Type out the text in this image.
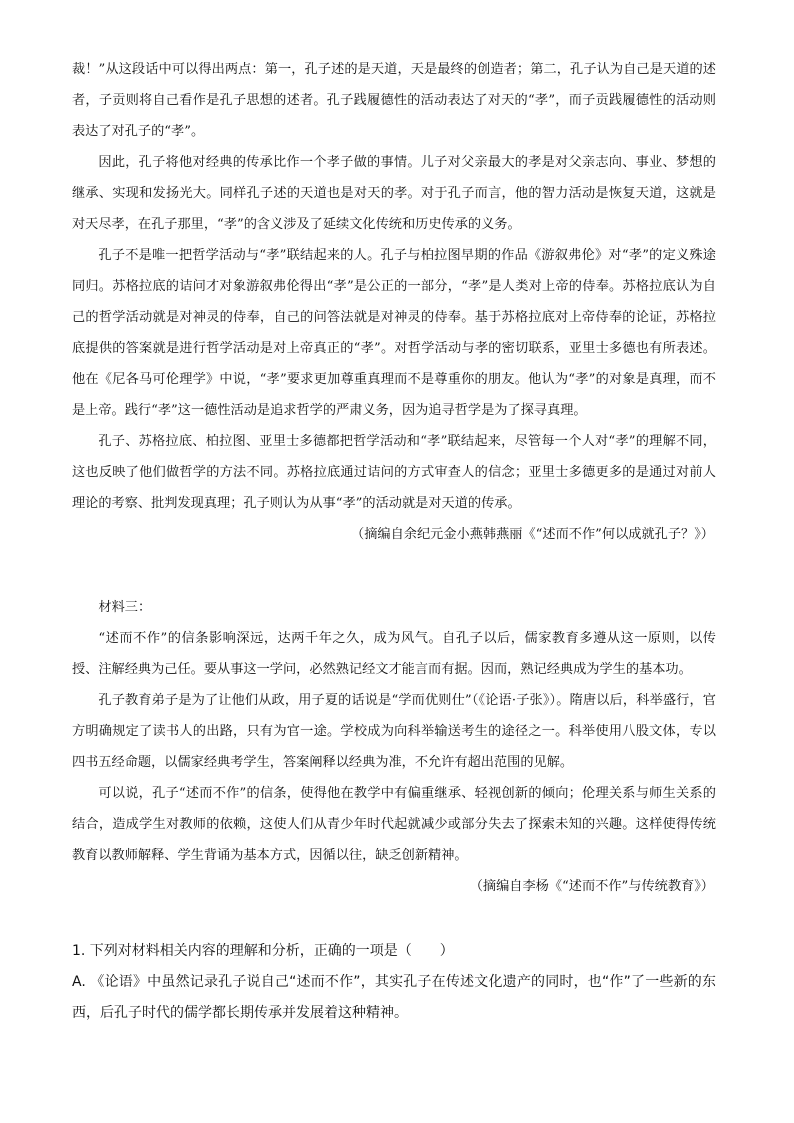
裁！”从这段话中可以得出两点：第一，孔子述的是天道，天是最终的创造者；第二，孔子认为自己是天道的述者，子贡则将自己看作是孔子思想的述者。孔子践履德性的活动表达了对天的“孝”，而子贡践履德性的活动则表达了对孔子的“孝”。

因此，孔子将他对经典的传承比作一个孝子做的事情。儿子对父亲最大的孝是对父亲志向、事业、梦想的继承、实现和发扬光大。同样孔子述的天道也是对天的孝。对于孔子而言，他的智力活动是恢复天道，这就是对天尽孝，在孔子那里，“孝”的含义涉及了延续文化传统和历史传承的义务。

孔子不是唯一把哲学活动与“孝”联结起来的人。孔子与柏拉图早期的作品《游叙弗伦》对“孝”的定义殊途同归。苏格拉底的诘问才对象游叙弗伦得出“孝”是公正的一部分，“孝”是人类对上帝的侍奉。苏格拉底认为自己的哲学活动就是对神灵的侍奉，自己的问答法就是对神灵的侍奉。基于苏格拉底对上帝侍奉的论证，苏格拉底提供的答案就是进行哲学活动是对上帝真正的“孝”。对哲学活动与孝的密切联系，亚里士多德也有所表述。他在《尼各马可伦理学》中说，“孝”要求更加尊重真理而不是尊重你的朋友。他认为“孝”的对象是真理，而不是上帝。践行“孝”这一德性活动是追求哲学的严肃义务，因为追寻哲学是为了探寻真理。

孔子、苏格拉底、柏拉图、亚里士多德都把哲学活动和“孝”联结起来，尽管每一个人对“孝”的理解不同，这也反映了他们做哲学的方法不同。苏格拉底通过诘问的方式审查人的信念；亚里士多德更多的是通过对前人理论的考察、批判发现真理；孔子则认为从事“孝”的活动就是对天道的传承。

（摘编自余纪元金小燕韩燕丽《“述而不作”何以成就孔子？》）

材料三：

“述而不作”的信条影响深远，达两千年之久，成为风气。自孔子以后，儒家教育多遵从这一原则，以传授、注解经典为己任。要从事这一学问，必然熟记经文才能言而有据。因而，熟记经典成为学生的基本功。

孔子教育弟子是为了让他们从政，用子夏的话说是“学而优则仕”（《论语·子张》）。隋唐以后，科举盛行，官方明确规定了读书人的出路，只有为官一途。学校成为向科举输送考生的途径之一。科举使用八股文体，专以四书五经命题，以儒家经典考学生，答案阐释以经典为准，不允许有超出范围的见解。

可以说，孔子“述而不作”的信条，使得他在教学中有偏重继承、轻视创新的倾向；伦理关系与师生关系的结合，造成学生对教师的依赖，这使人们从青少年时代起就减少或部分失去了探索未知的兴趣。这样使得传统教育以教师解释、学生背诵为基本方式，因循以往，缺乏创新精神。

（摘编自李杨《“述而不作”与传统教育》）

1. 下列对材料相关内容的理解和分析，正确的一项是（　　）

A. 《论语》中虽然记录孔子说自己“述而不作”，其实孔子在传述文化遗产的同时，也“作”了一些新的东西，后孔子时代的儒学都长期传承并发展着这种精神。
